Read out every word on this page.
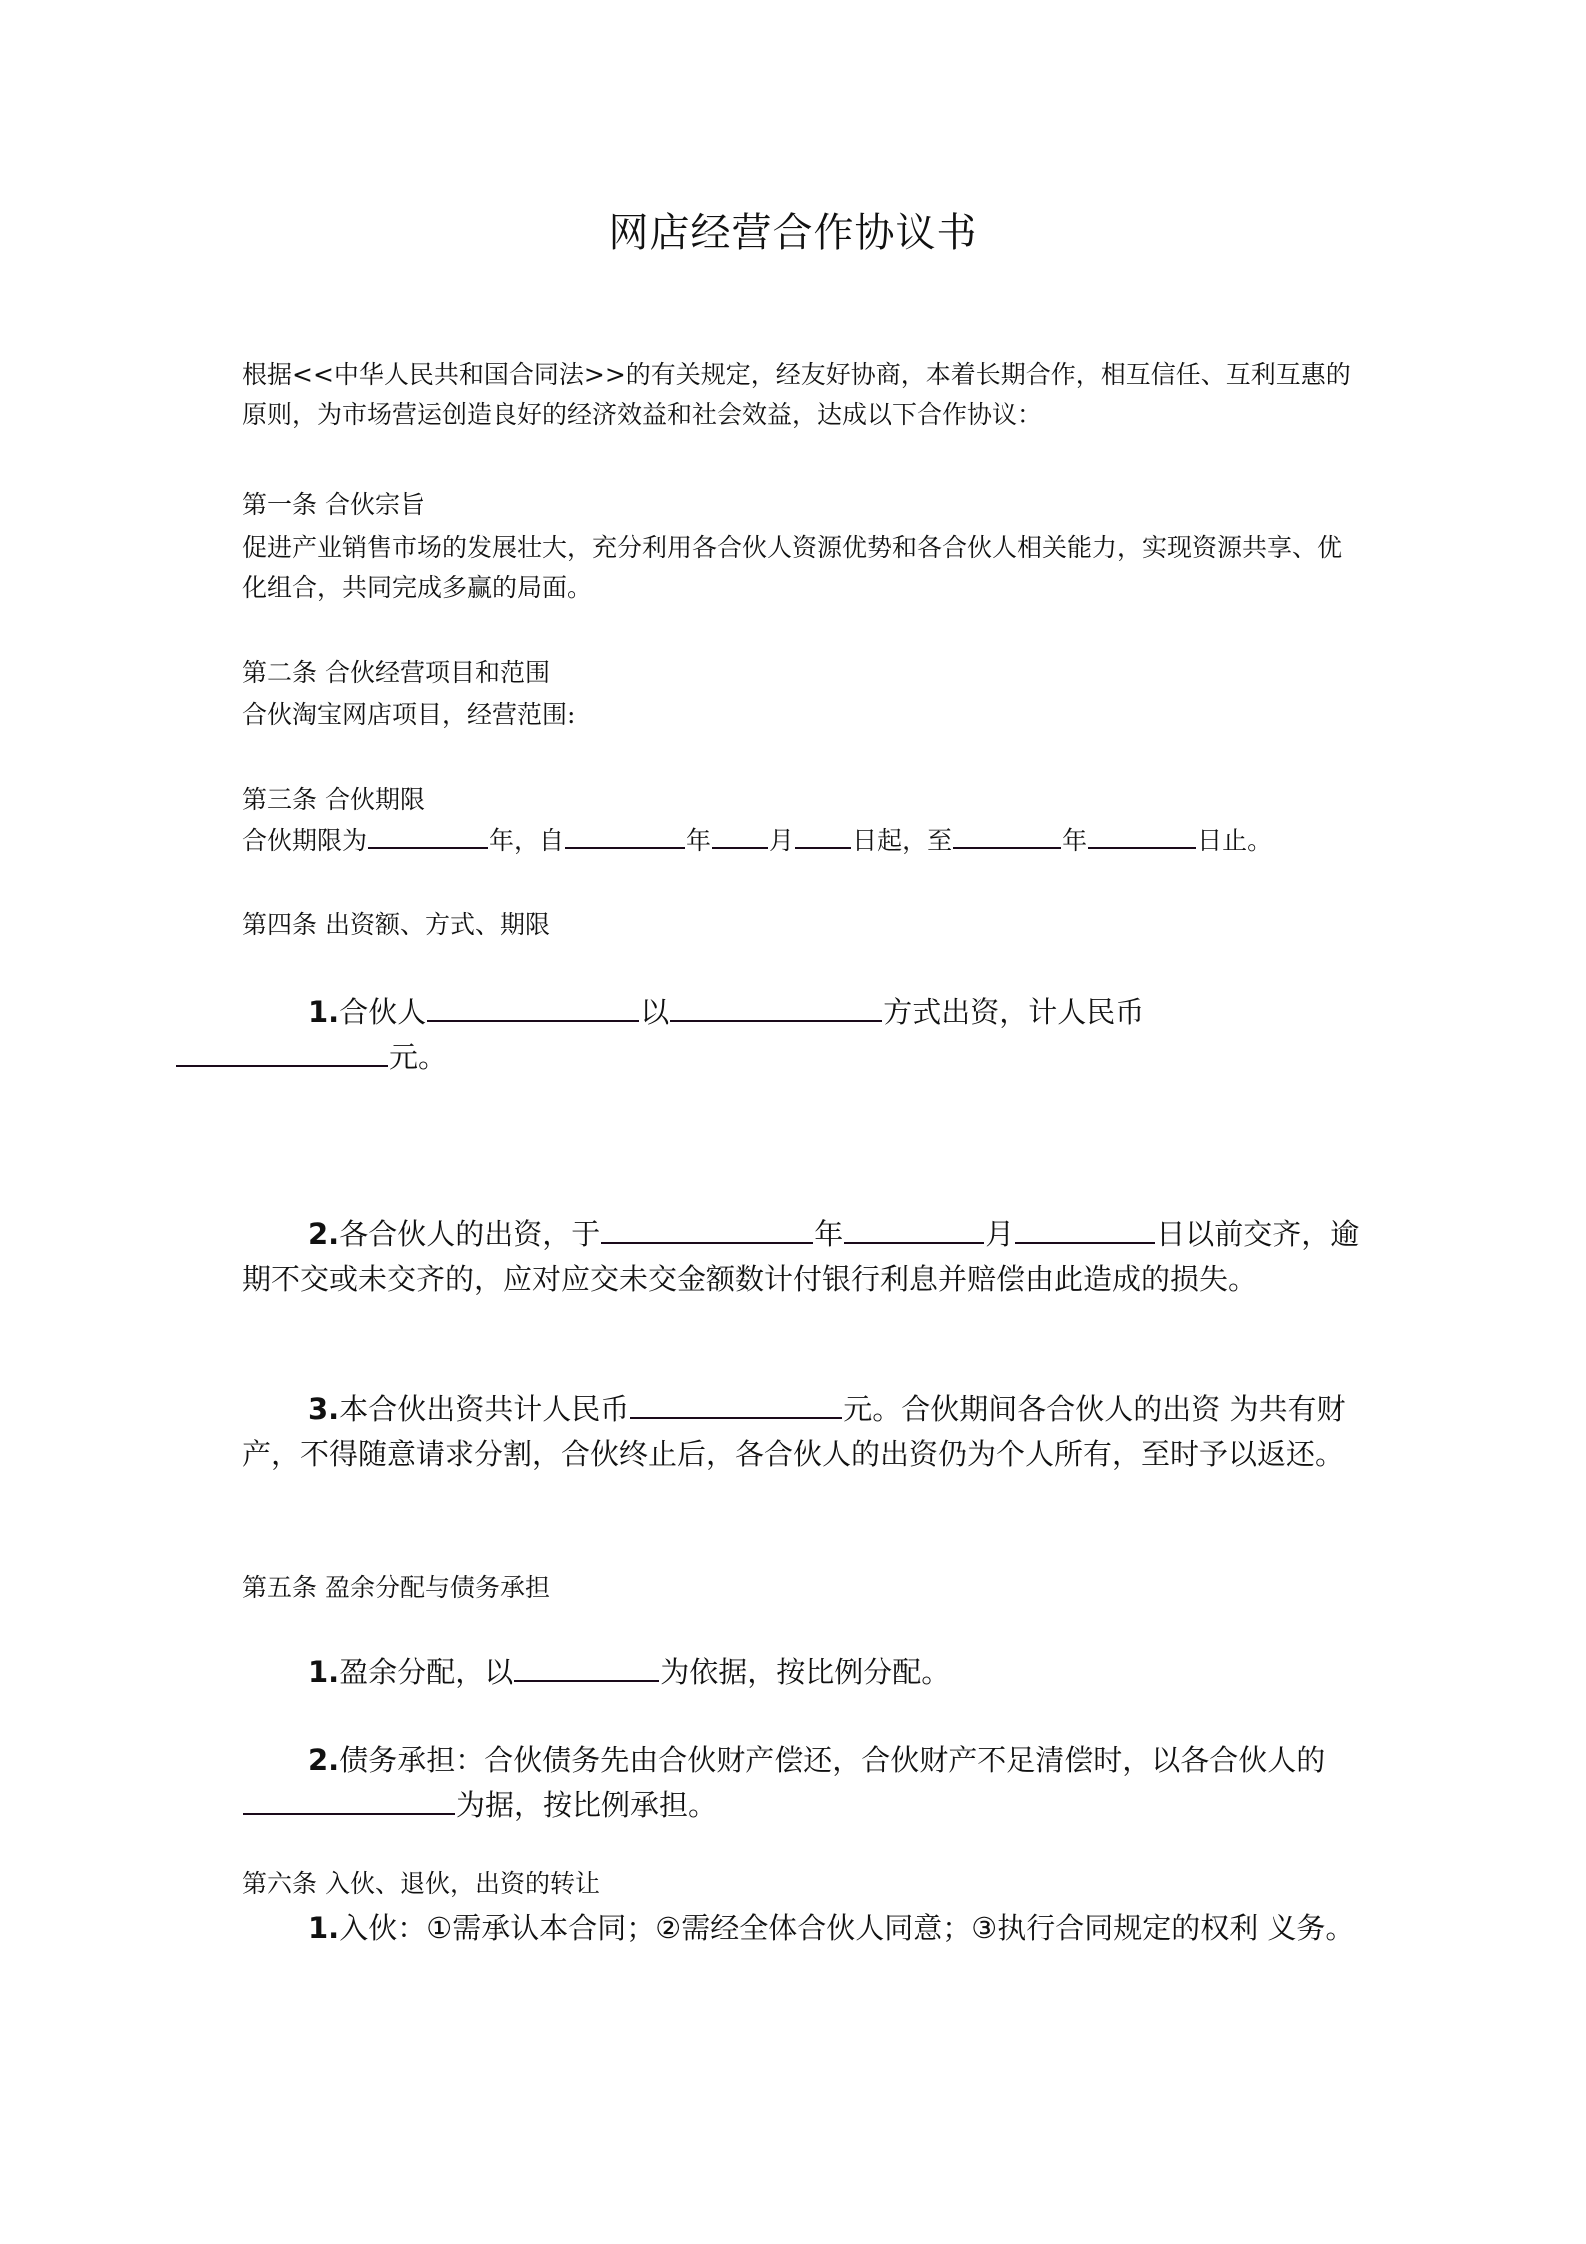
网店经营合作协议书

根据<<中华人民共和国合同法>>的有关规定，经友好协商，本着长期合作，相互信任、互利互惠的原则，为市场营运创造良好的经济效益和社会效益，达成以下合作协议：

第一条 合伙宗旨

促进产业销售市场的发展壮大，充分利用各合伙人资源优势和各合伙人相关能力，实现资源共享、优化组合，共同完成多赢的局面。

第二条 合伙经营项目和范围

合伙淘宝网店项目，经营范围:

第三条 合伙期限

合伙期限为	年，自	年 月 日起，至	年	日止。

第四条 出资额、方式、期限

1.合伙人	以	方式出资，计人民币
元。

2.各合伙人的出资，于	年	月	日以前交齐，逾期不交或未交齐的，应对应交未交金额数计付银行利息并赔偿由此造成的损失。

3.本合伙出资共计人民币	元。合伙期间各合伙人的出资 为共有财产，不得随意请求分割，合伙终止后，各合伙人的出资仍为个人所有，至时予以返还。

第五条 盈余分配与债务承担

1.盈余分配，以	为依据，按比例分配。

2.债务承担：合伙债务先由合伙财产偿还，合伙财产不足清偿时，以各合伙人的为据，按比例承担。

第六条 入伙、退伙，出资的转让

1.入伙：①需承认本合同；②需经全体合伙人同意；③执行合同规定的权利 义务。
